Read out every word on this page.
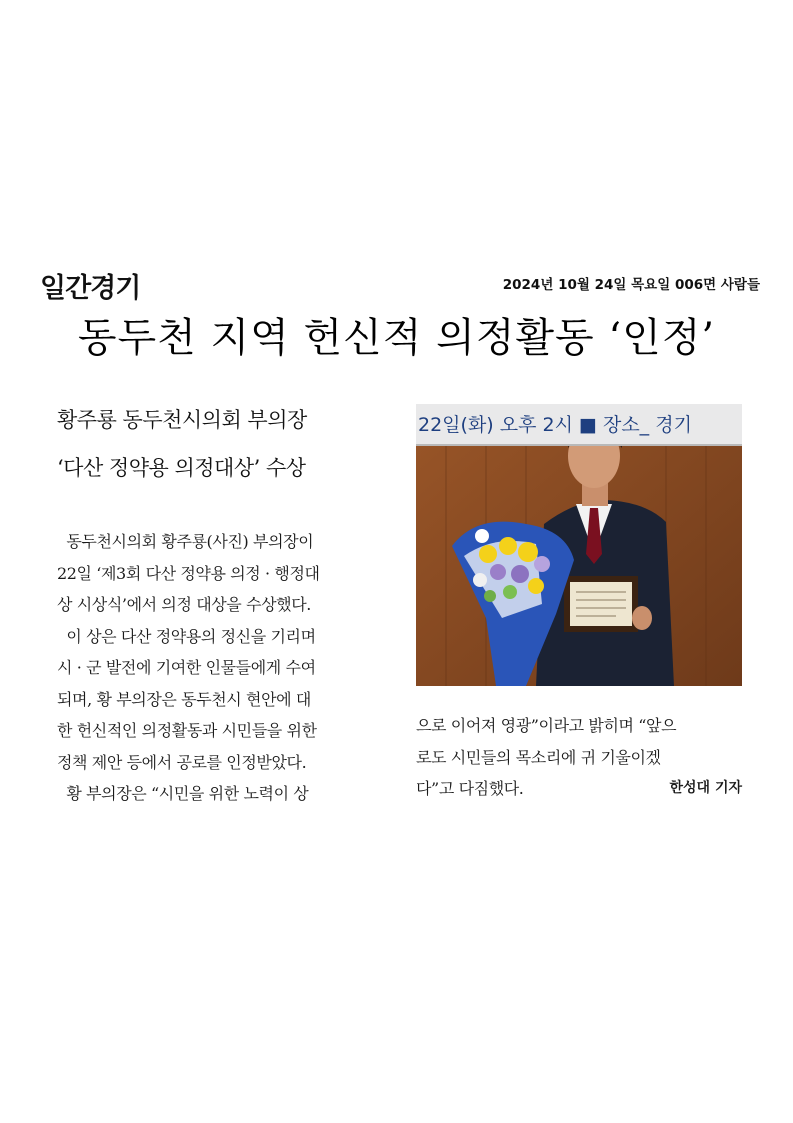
일간경기	2024년 10월 24일 목요일 006면 사람들
동두천 지역 헌신적 의정활동 ‘인정’
황주룡 동두천시의회 부의장
‘다산 정약용 의정대상’ 수상

동두천시의회 황주룡(사진) 부의장이

22일 ‘제3회 다산 정약용 의정 · 행정대

상 시상식’에서 의정 대상을 수상했다.

이 상은 다산 정약용의 정신을 기리며

시 · 군 발전에 기여한 인물들에게 수여

되며, 황 부의장은 동두천시 현안에 대

한 헌신적인 의정활동과 시민들을 위한

정책 제안 등에서 공로를 인정받았다.

황 부의장은 “시민을 위한 노력이 상

22일(화) 오후 2시 ■ 장소_ 경기

으로 이어져 영광”이라고 밝히며 “앞으

로도 시민들의 목소리에 귀 기울이겠

다”고 다짐했다.	한성대 기자
